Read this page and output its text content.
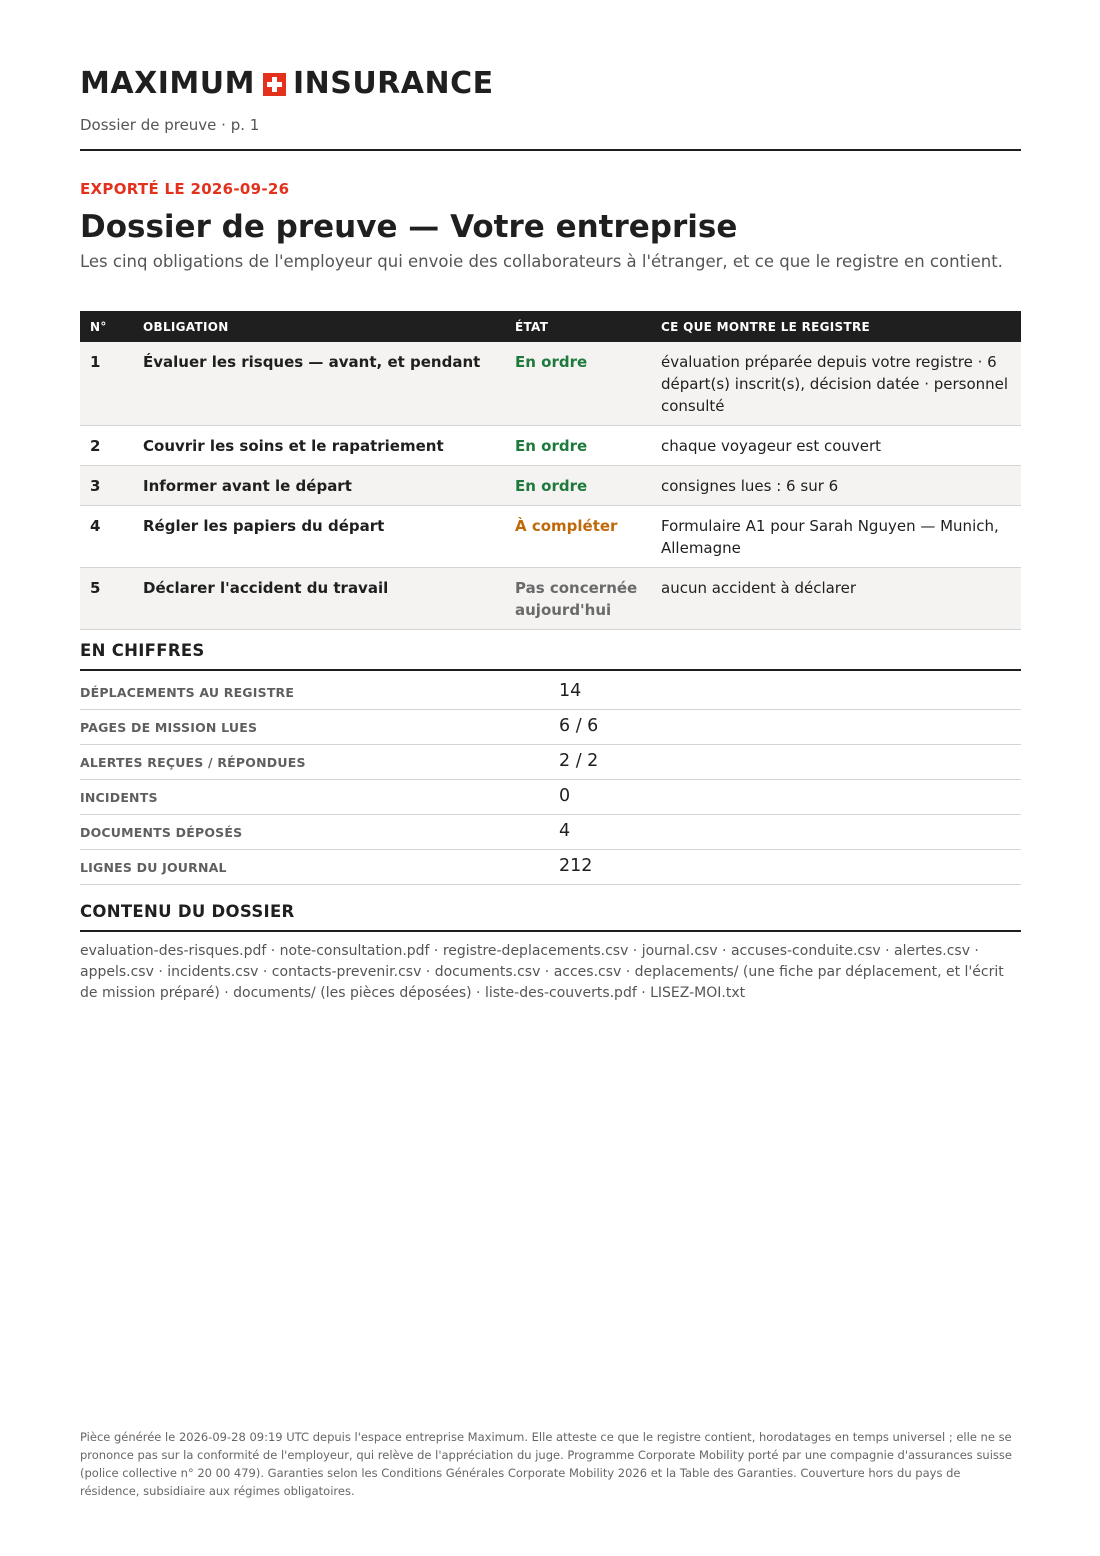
MAXIMUM INSURANCE
Dossier de preuve · p. 1
EXPORTÉ LE 2026-09-26
Dossier de preuve — Votre entreprise
Les cinq obligations de l'employeur qui envoie des collaborateurs à l'étranger, et ce que le registre en contient.
N°	OBLIGATION	ÉTAT	CE QUE MONTRE LE REGISTRE
1	Évaluer les risques — avant, et pendant	En ordre	évaluation préparée depuis votre registre · 6 départ(s) inscrit(s), décision datée · personnel consulté
2	Couvrir les soins et le rapatriement	En ordre	chaque voyageur est couvert
3	Informer avant le départ	En ordre	consignes lues : 6 sur 6
4	Régler les papiers du départ	À compléter	Formulaire A1 pour Sarah Nguyen — Munich, Allemagne
5	Déclarer l'accident du travail	Pas concernée aujourd'hui	aucun accident à déclarer
EN CHIFFRES
DÉPLACEMENTS AU REGISTRE	14
PAGES DE MISSION LUES	6 / 6
ALERTES REÇUES / RÉPONDUES	2 / 2
INCIDENTS	0
DOCUMENTS DÉPOSÉS	4
LIGNES DU JOURNAL	212
CONTENU DU DOSSIER
evaluation-des-risques.pdf · note-consultation.pdf · registre-deplacements.csv · journal.csv · accuses-conduite.csv · alertes.csv · appels.csv · incidents.csv · contacts-prevenir.csv · documents.csv · acces.csv · deplacements/ (une fiche par déplacement, et l'écrit de mission préparé) · documents/ (les pièces déposées) · liste-des-couverts.pdf · LISEZ-MOI.txt
Pièce générée le 2026-09-28 09:19 UTC depuis l'espace entreprise Maximum. Elle atteste ce que le registre contient, horodatages en temps universel ; elle ne se prononce pas sur la conformité de l'employeur, qui relève de l'appréciation du juge. Programme Corporate Mobility porté par une compagnie d'assurances suisse (police collective n° 20 00 479). Garanties selon les Conditions Générales Corporate Mobility 2026 et la Table des Garanties. Couverture hors du pays de résidence, subsidiaire aux régimes obligatoires.
